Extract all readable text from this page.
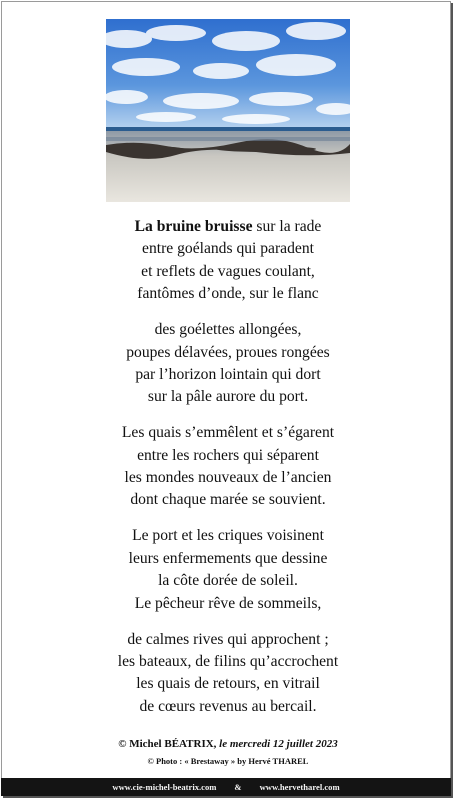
La bruine bruisse sur la rade
entre goélands qui paradent
et reflets de vagues coulant,
fantômes d’onde, sur le flanc
des goélettes allongées,
poupes délavées, proues rongées
par l’horizon lointain qui dort
sur la pâle aurore du port.
Les quais s’emmêlent et s’égarent
entre les rochers qui séparent
les mondes nouveaux de l’ancien
dont chaque marée se souvient.
Le port et les criques voisinent
leurs enfermements que dessine
la côte dorée de soleil.
Le pêcheur rêve de sommeils,
de calmes rives qui approchent ;
les bateaux, de filins qu’accrochent
les quais de retours, en vitrail
de cœurs revenus au bercail.
© Michel BÉATRIX, le mercredi 12 juillet 2023
© Photo : « Brestaway » by Hervé THAREL
www.cie-michel-beatrix.com & www.hervetharel.com
